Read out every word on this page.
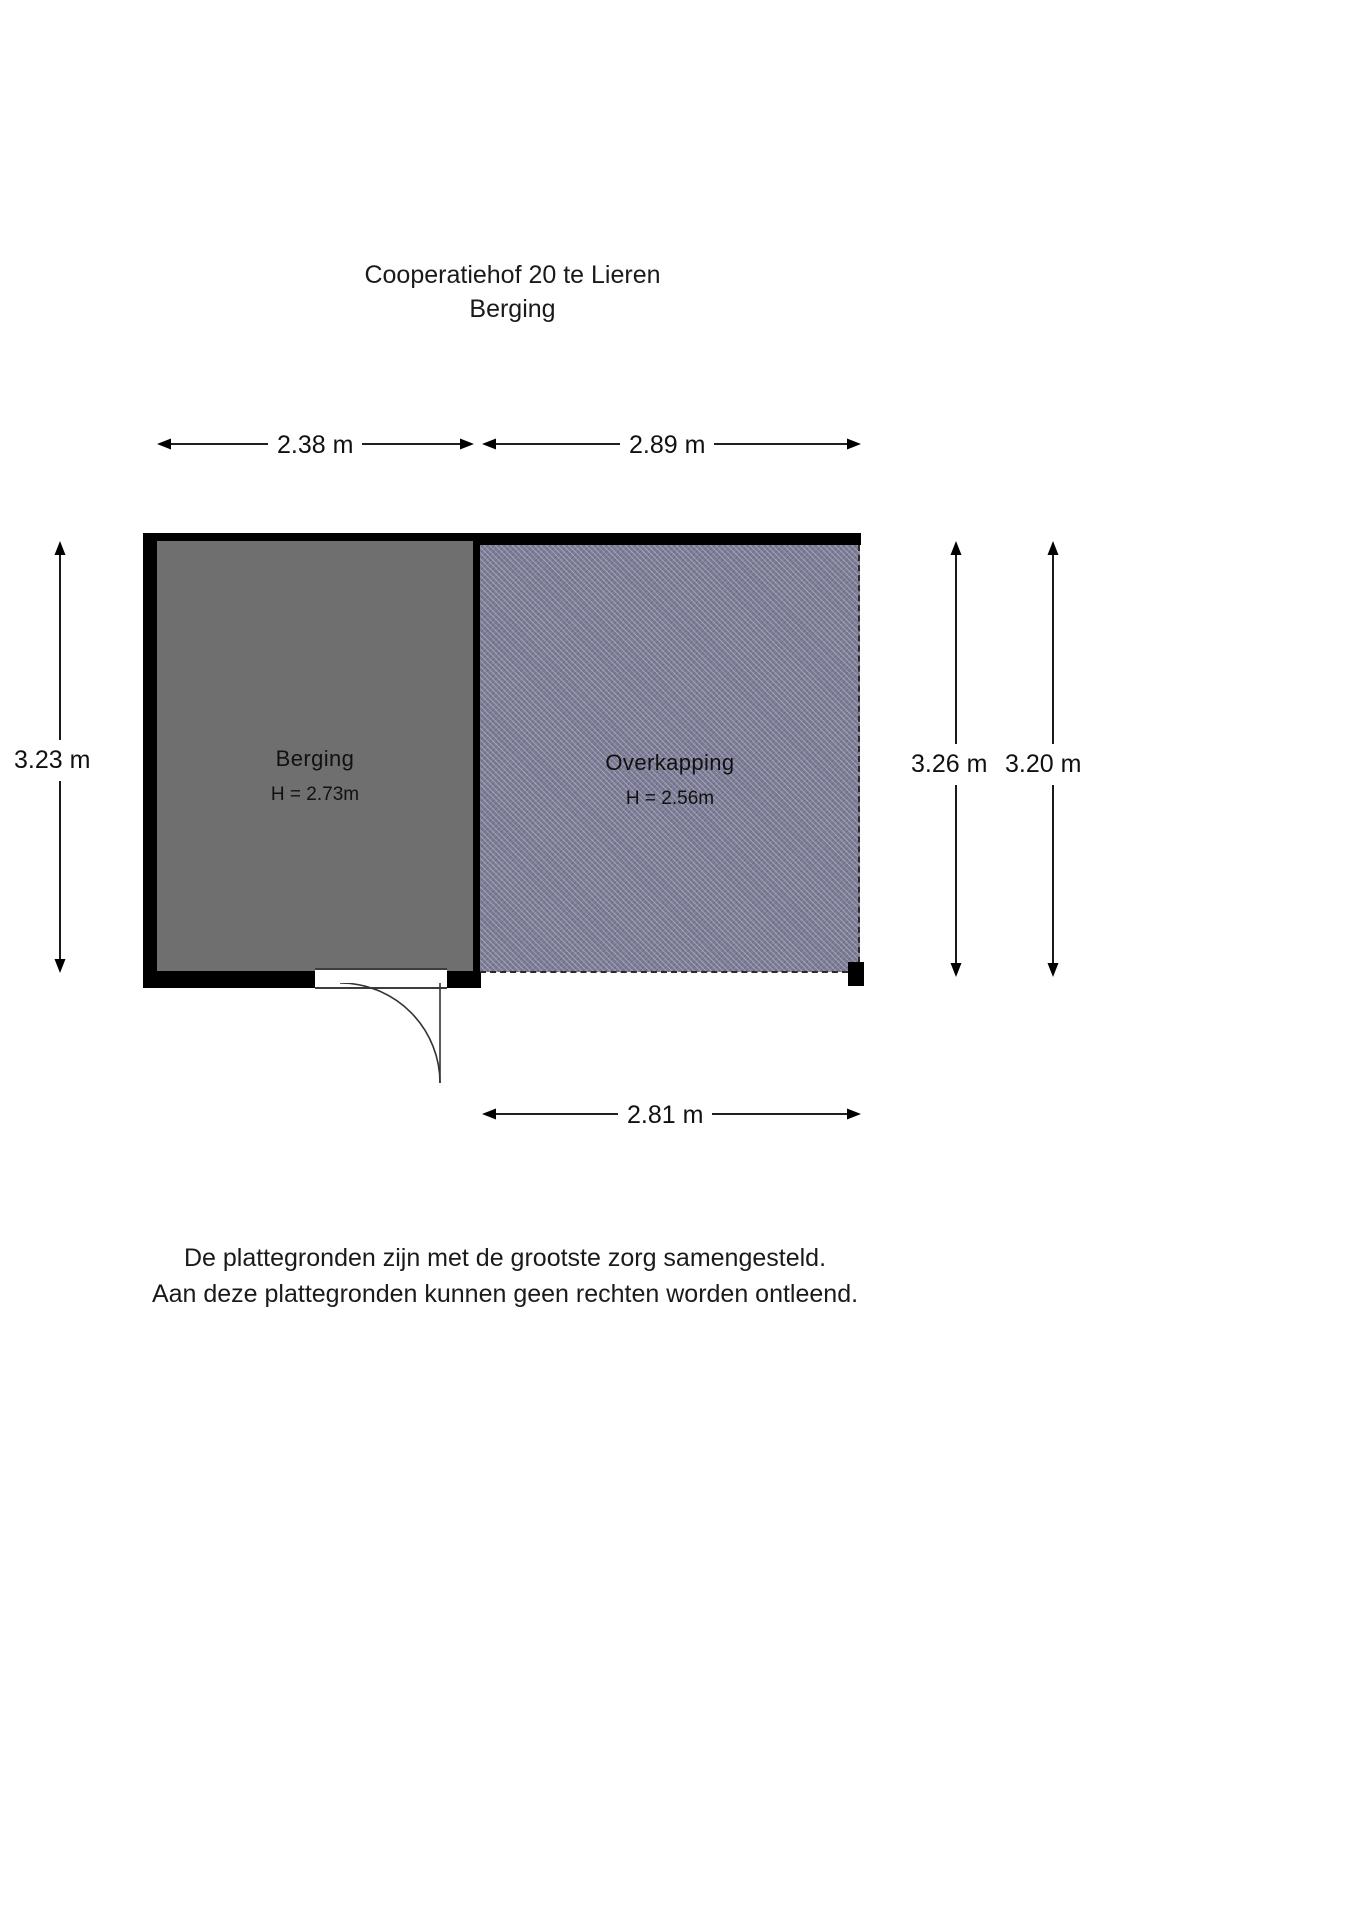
Cooperatiehof 20 te Lieren
Berging
Berging
H = 2.73m
Overkapping
H = 2.56m
2.38 m	2.89 m
3.23 m	3.26 m 3.20 m
2.81 m
De plattegronden zijn met de grootste zorg samengesteld.
Aan deze plattegronden kunnen geen rechten worden ontleend.
